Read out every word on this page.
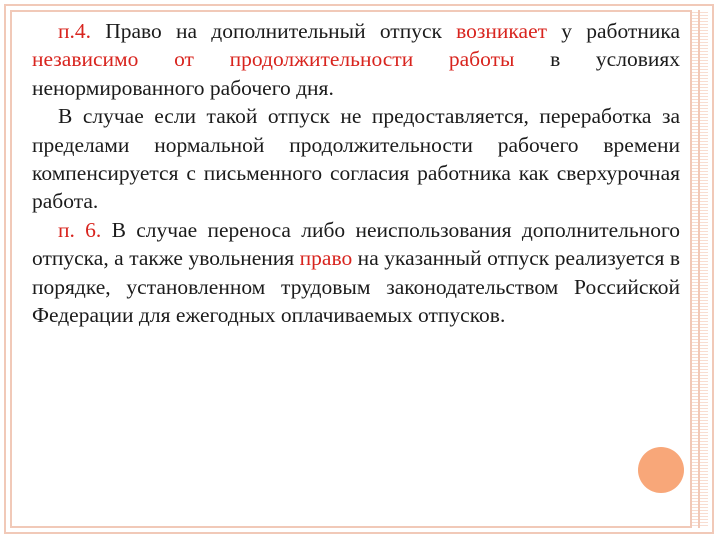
п.4. Право на дополнительный отпуск возникает у работника независимо от продолжительности работы в условиях ненормированного рабочего дня.

В случае если такой отпуск не предоставляется, переработка за пределами нормальной продолжительности рабочего времени компенсируется с письменного согласия работника как сверхурочная работа.

п. 6. В случае переноса либо неиспользования дополнительного отпуска, а также увольнения право на указанный отпуск реализуется в порядке, установленном трудовым законодательством Российской Федерации для ежегодных оплачиваемых отпусков.
